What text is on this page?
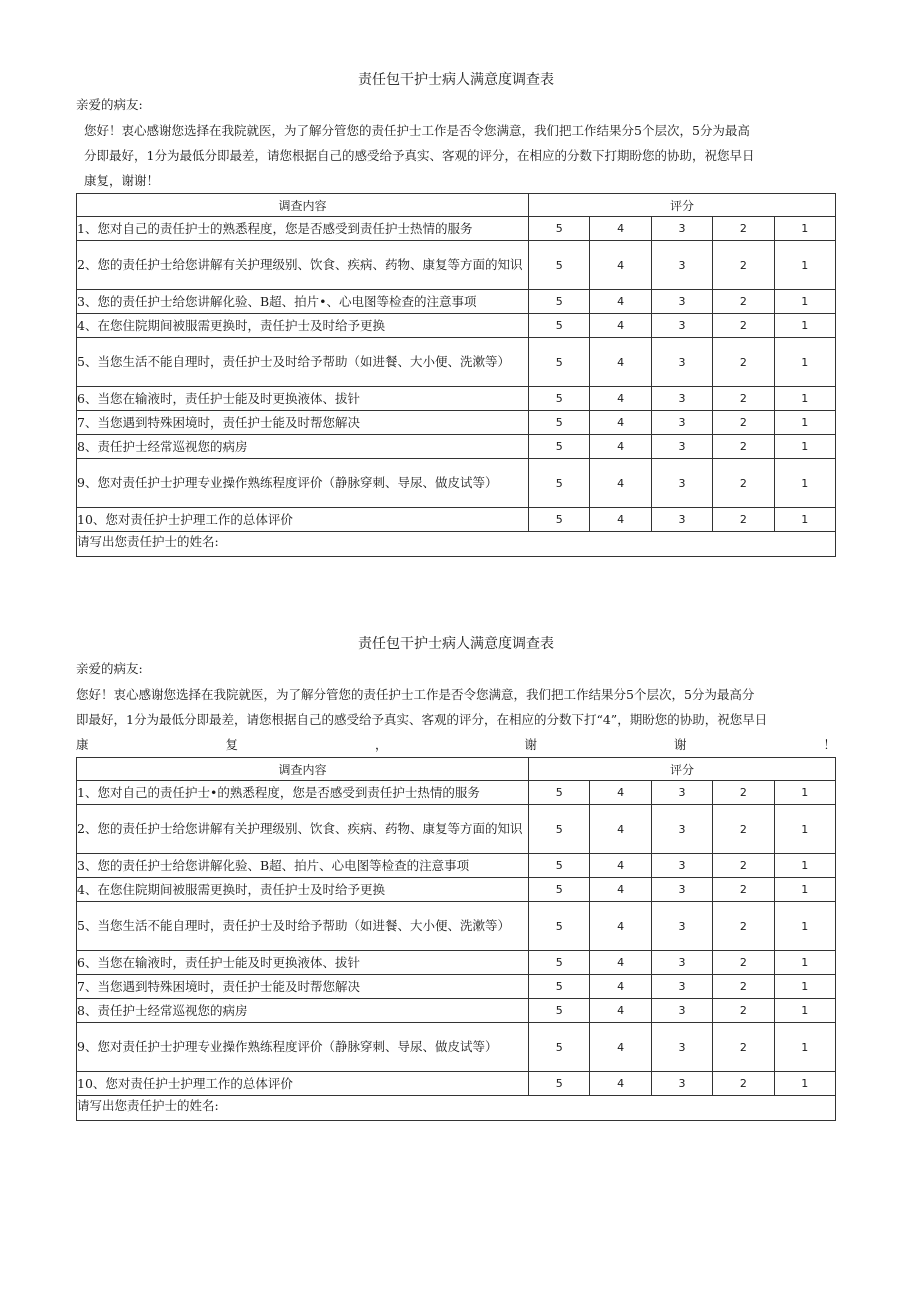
责任包干护士病人满意度调查表

亲爱的病友:

您好！衷心感谢您选择在我院就医，为了解分管您的责任护士工作是否令您满意，我们把工作结果分5个层次，5分为最高
分即最好，1分为最低分即最差，请您根据自己的感受给予真实、客观的评分，在相应的分数下打期盼您的协助，祝您早日
康复，谢谢！
调查内容	评分				
1、您对自己的责任护士的熟悉程度，您是否感受到责任护士热情的服务	5	4	3	2	1
2、您的责任护士给您讲解有关护理级别、饮食、疾病、药物、康复等方面的知识	5	4	3	2	1
3、您的责任护士给您讲解化验、B超、拍片•、心电图等检查的注意事项	5	4	3	2	1
4、在您住院期间被服需更换时，责任护士及时给予更换	5	4	3	2	1
5、当您生活不能自理时，责任护士及时给予帮助（如进餐、大小便、洗漱等）	5	4	3	2	1
6、当您在输液时，责任护士能及时更换液体、拔针	5	4	3	2	1
7、当您遇到特殊困境时，责任护士能及时帮您解决	5	4	3	2	1
8、责任护士经常巡视您的病房	5	4	3	2	1
9、您对责任护士护理专业操作熟练程度评价（静脉穿刺、导尿、做皮试等）	5	4	3	2	1
10、您对责任护士护理工作的总体评价	5	4	3	2	1
请写出您责任护士的姓名:					
责任包干护士病人满意度调查表

亲爱的病友:

您好！衷心感谢您选择在我院就医，为了解分管您的责任护士工作是否令您满意，我们把工作结果分5个层次，5分为最高分
即最好，1分为最低分即最差，请您根据自己的感受给予真实、客观的评分，在相应的分数下打“4”，期盼您的协助，祝您早日
康	复	，	谢	谢	！
调查内容	评分				
1、您对自己的责任护士•的熟悉程度，您是否感受到责任护士热情的服务	5	4	3	2	1
2、您的责任护士给您讲解有关护理级别、饮食、疾病、药物、康复等方面的知识	5	4	3	2	1
3、您的责任护士给您讲解化验、B超、拍片、心电图等检查的注意事项	5	4	3	2	1
4、在您住院期间被服需更换时，责任护士及时给予更换	5	4	3	2	1
5、当您生活不能自理时，责任护士及时给予帮助（如进餐、大小便、洗漱等）	5	4	3	2	1
6、当您在输液时，责任护士能及时更换液体、拔针	5	4	3	2	1
7、当您遇到特殊困境时，责任护士能及时帮您解决	5	4	3	2	1
8、责任护士经常巡视您的病房	5	4	3	2	1
9、您对责任护士护理专业操作熟练程度评价（静脉穿刺、导尿、做皮试等）	5	4	3	2	1
10、您对责任护士护理工作的总体评价	5	4	3	2	1
请写出您责任护士的姓名:					
